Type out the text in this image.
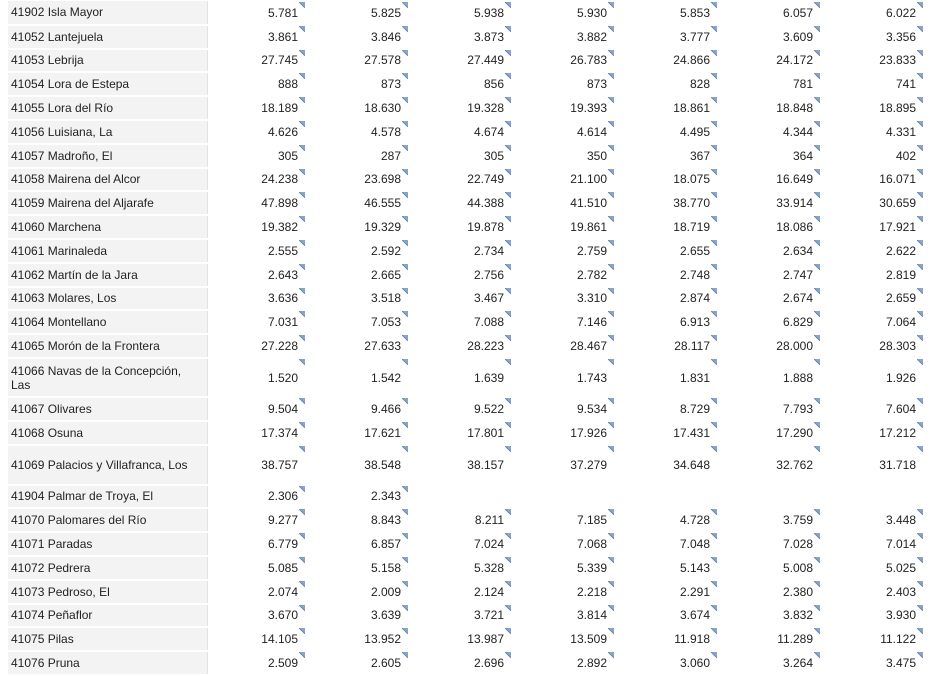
41902 Isla Mayor	5.781	5.825	5.938	5.930	5.853	6.057	6.022

41052 Lantejuela	3.861	3.846	3.873	3.882	3.777	3.609	3.356

41053 Lebrija	27.745	27.578	27.449	26.783	24.866	24.172	23.833

41054 Lora de Estepa	888	873	856	873	828	781	741

41055 Lora del Río	18.189	18.630	19.328	19.393	18.861	18.848	18.895

41056 Luisiana, La	4.626	4.578	4.674	4.614	4.495	4.344	4.331

41057 Madroño, El	305	287	305	350	367	364	402

41058 Mairena del Alcor	24.238	23.698	22.749	21.100	18.075	16.649	16.071

41059 Mairena del Aljarafe	47.898	46.555	44.388	41.510	38.770	33.914	30.659

41060 Marchena	19.382	19.329	19.878	19.861	18.719	18.086	17.921

41061 Marinaleda	2.555	2.592	2.734	2.759	2.655	2.634	2.622

41062 Martín de la Jara	2.643	2.665	2.756	2.782	2.748	2.747	2.819

41063 Molares, Los	3.636	3.518	3.467	3.310	2.874	2.674	2.659

41064 Montellano	7.031	7.053	7.088	7.146	6.913	6.829	7.064

41065 Morón de la Frontera	27.228	27.633	28.223	28.467	28.117	28.000	28.303

41066 Navas de la Concepción, Las	1.520	1.542	1.639	1.743	1.831	1.888	1.926

41067 Olivares	9.504	9.466	9.522	9.534	8.729	7.793	7.604

41068 Osuna	17.374	17.621	17.801	17.926	17.431	17.290	17.212

41069 Palacios y Villafranca, Los	38.757	38.548	38.157	37.279	34.648	32.762	31.718

41904 Palmar de Troya, El	2.306	2.343

41070 Palomares del Río	9.277	8.843	8.211	7.185	4.728	3.759	3.448

41071 Paradas	6.779	6.857	7.024	7.068	7.048	7.028	7.014

41072 Pedrera	5.085	5.158	5.328	5.339	5.143	5.008	5.025

41073 Pedroso, El	2.074	2.009	2.124	2.218	2.291	2.380	2.403

41074 Peñaflor	3.670	3.639	3.721	3.814	3.674	3.832	3.930

41075 Pilas	14.105	13.952	13.987	13.509	11.918	11.289	11.122

41076 Pruna	2.509	2.605	2.696	2.892	3.060	3.264	3.475
